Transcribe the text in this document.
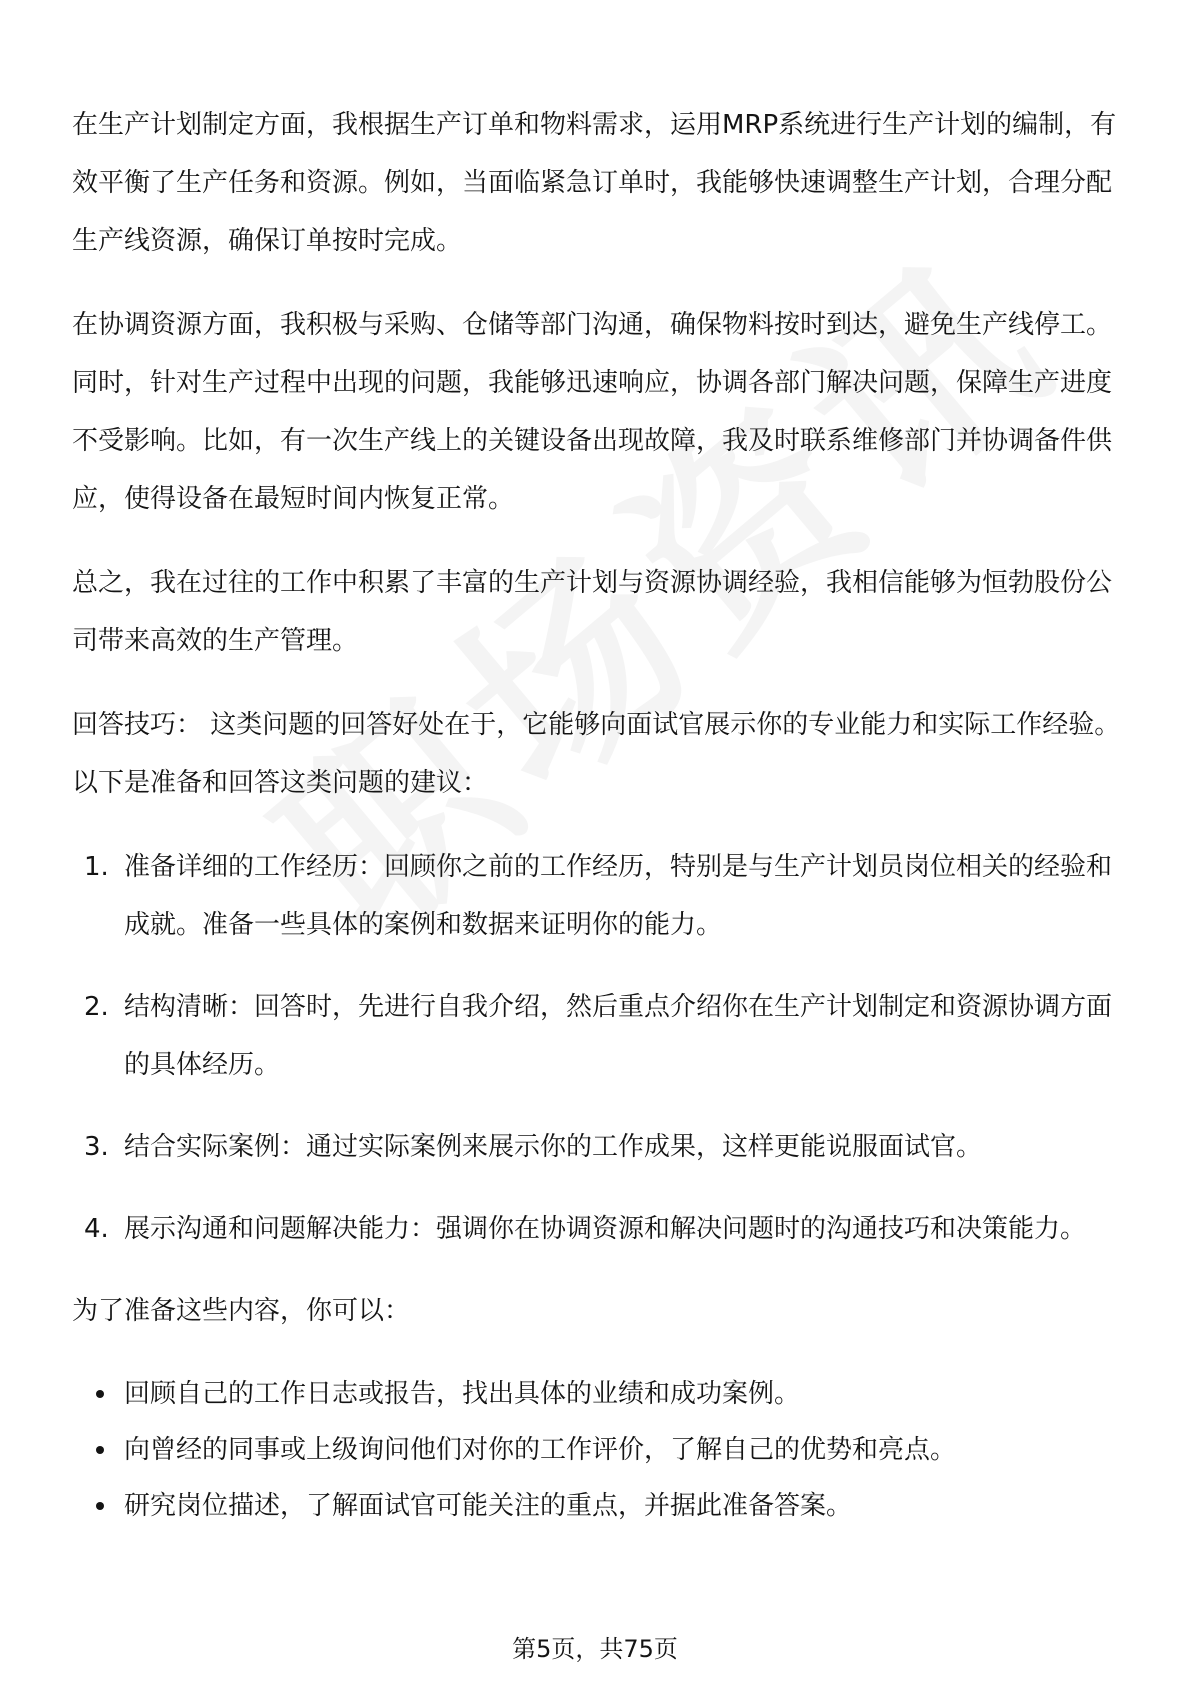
在生产计划制定方面，我根据生产订单和物料需求，运用MRP系统进行生产计划的编制，有效平衡了生产任务和资源。例如，当面临紧急订单时，我能够快速调整生产计划，合理分配生产线资源，确保订单按时完成。

在协调资源方面，我积极与采购、仓储等部门沟通，确保物料按时到达，避免生产线停工。同时，针对生产过程中出现的问题，我能够迅速响应，协调各部门解决问题，保障生产进度不受影响。比如，有一次生产线上的关键设备出现故障，我及时联系维修部门并协调备件供应，使得设备在最短时间内恢复正常。

总之，我在过往的工作中积累了丰富的生产计划与资源协调经验，我相信能够为恒勃股份公司带来高效的生产管理。

回答技巧： 这类问题的回答好处在于，它能够向面试官展示你的专业能力和实际工作经验。以下是准备和回答这类问题的建议：

1. 准备详细的工作经历：回顾你之前的工作经历，特别是与生产计划员岗位相关的经验和成就。准备一些具体的案例和数据来证明你的能力。
2. 结构清晰：回答时，先进行自我介绍，然后重点介绍你在生产计划制定和资源协调方面的具体经历。
3. 结合实际案例：通过实际案例来展示你的工作成果，这样更能说服面试官。
4. 展示沟通和问题解决能力：强调你在协调资源和解决问题时的沟通技巧和决策能力。

为了准备这些内容，你可以：

回顾自己的工作日志或报告，找出具体的业绩和成功案例。
向曾经的同事或上级询问他们对你的工作评价，了解自己的优势和亮点。
研究岗位描述，了解面试官可能关注的重点，并据此准备答案。
第5页，共75页
